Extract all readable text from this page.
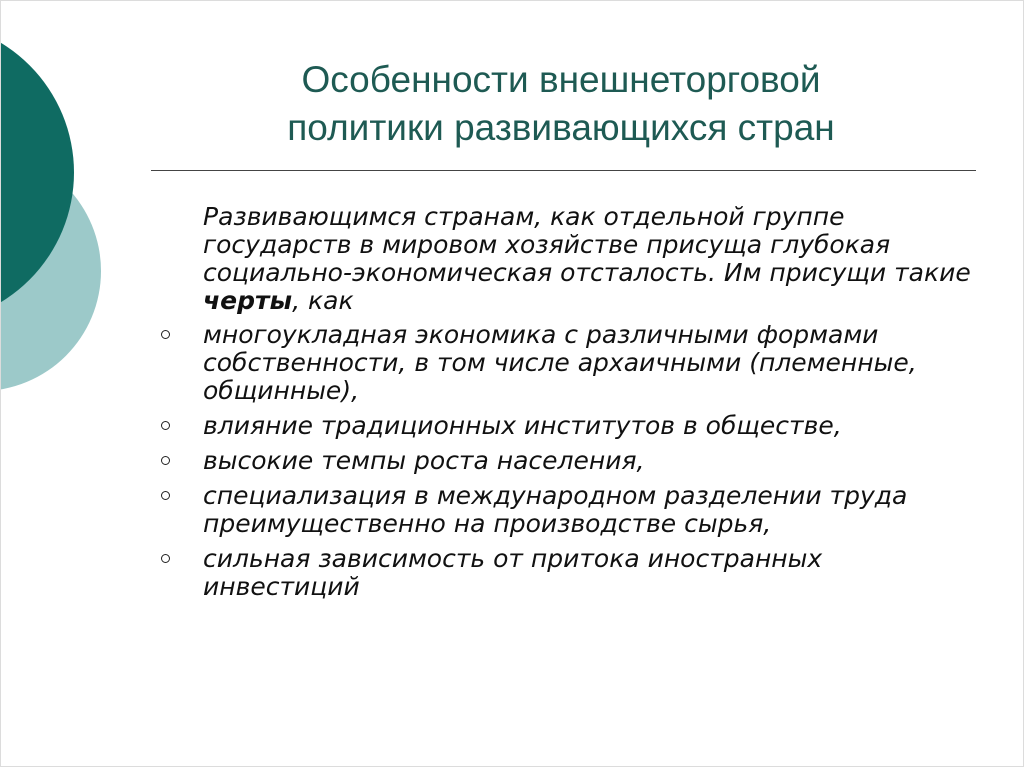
Особенности внешнеторговой
политики развивающихся стран

Развивающимся странам, как отдельной группе государств в мировом хозяйстве присуща глубокая социально-экономическая отсталость. Им присущи такие черты, как

многоукладная экономика с различными формами собственности, в том числе архаичными (племенные, общинные),
влияние традиционных институтов в обществе,
высокие темпы роста населения,
специализация в международном разделении труда преимущественно на производстве сырья,
сильная зависимость от притока иностранных инвестиций
